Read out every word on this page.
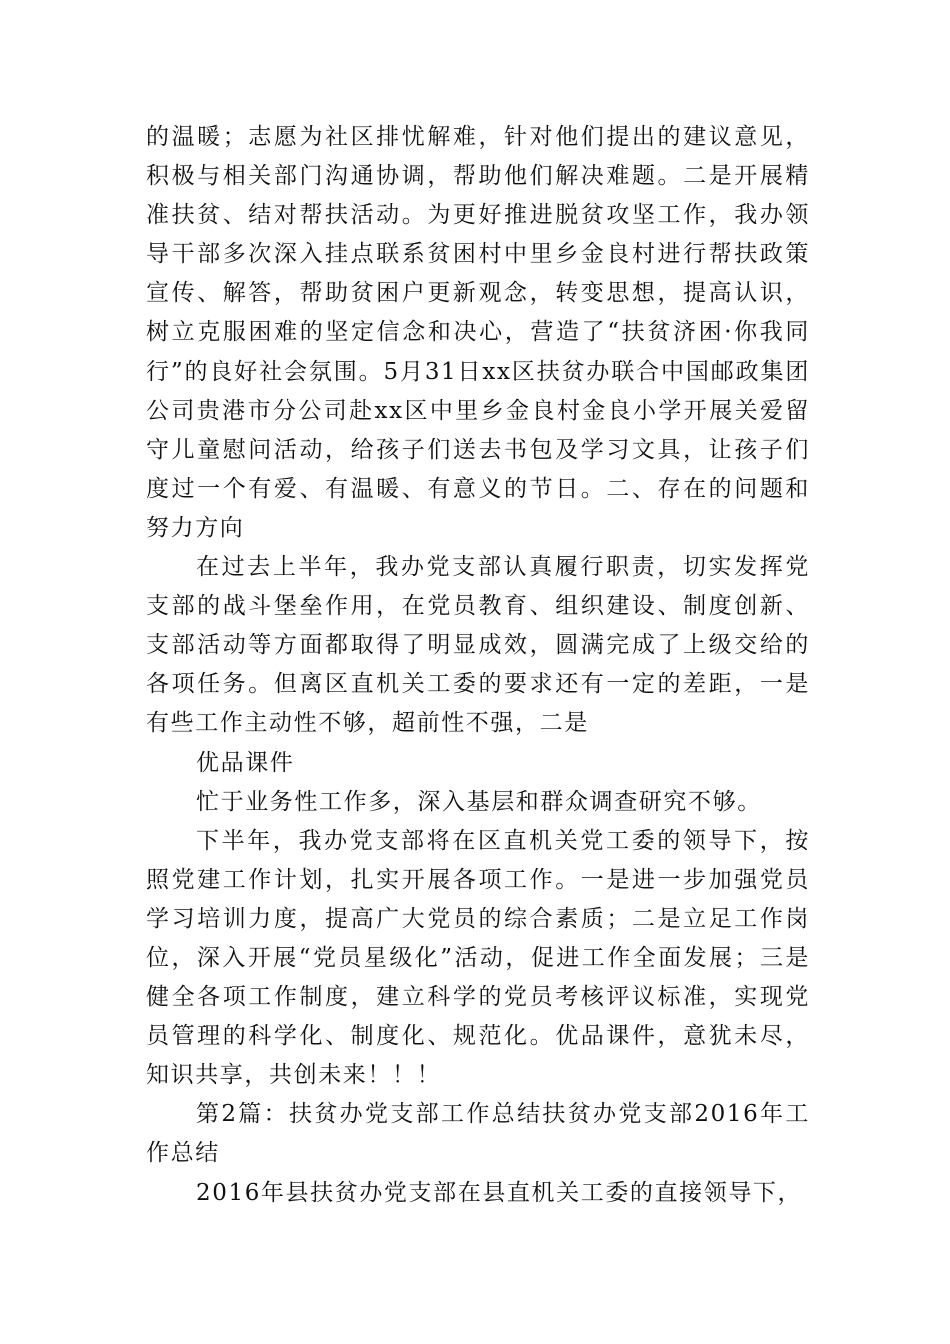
的温暖；志愿为社区排忧解难，针对他们提出的建议意见，积极与相关部门沟通协调，帮助他们解决难题。二是开展精准扶贫、结对帮扶活动。为更好推进脱贫攻坚工作，我办领导干部多次深入挂点联系贫困村中里乡金良村进行帮扶政策宣传、解答，帮助贫困户更新观念，转变思想，提高认识，树立克服困难的坚定信念和决心，营造了“扶贫济困·你我同行”的良好社会氛围。5月31日xx区扶贫办联合中国邮政集团公司贵港市分公司赴xx区中里乡金良村金良小学开展关爱留守儿童慰问活动，给孩子们送去书包及学习文具，让孩子们度过一个有爱、有温暖、有意义的节日。二、存在的问题和努力方向

在过去上半年，我办党支部认真履行职责，切实发挥党支部的战斗堡垒作用，在党员教育、组织建设、制度创新、支部活动等方面都取得了明显成效，圆满完成了上级交给的各项任务。但离区直机关工委的要求还有一定的差距，一是有些工作主动性不够，超前性不强，二是

优品课件

忙于业务性工作多，深入基层和群众调查研究不够。

下半年，我办党支部将在区直机关党工委的领导下，按照党建工作计划，扎实开展各项工作。一是进一步加强党员学习培训力度，提高广大党员的综合素质；二是立足工作岗位，深入开展“党员星级化”活动，促进工作全面发展；三是健全各项工作制度，建立科学的党员考核评议标准，实现党员管理的科学化、制度化、规范化。优品课件，意犹未尽，知识共享，共创未来！！！

第2篇：扶贫办党支部工作总结扶贫办党支部2016年工作总结

2016年县扶贫办党支部在县直机关工委的直接领导下，
